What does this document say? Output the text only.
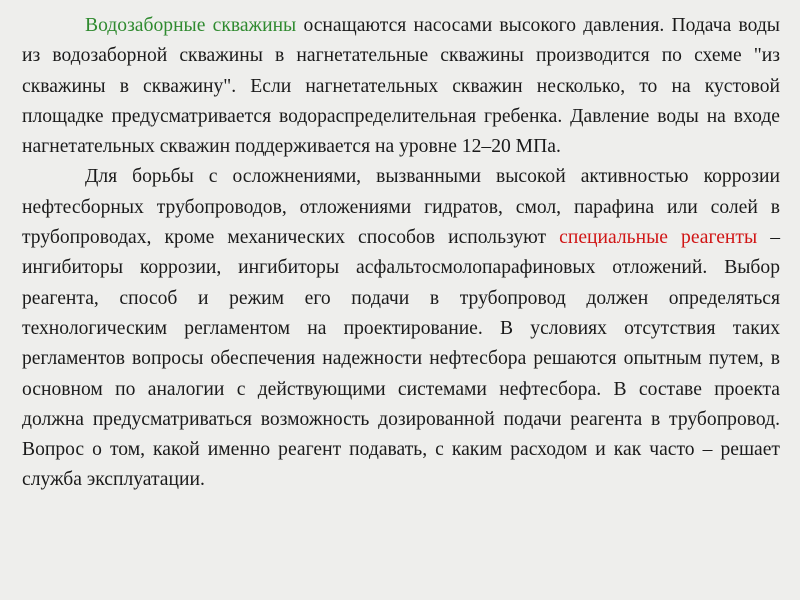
Водозаборные скважины оснащаются насосами высокого давления. Подача воды из водозаборной скважины в нагнетательные скважины производится по схеме "из скважины в скважину". Если нагнетательных скважин несколько, то на кустовой площадке предусматривается водораспределительная гребенка. Давление воды на входе нагнетательных скважин поддерживается на уровне 12–20 МПа.

Для борьбы с осложнениями, вызванными высокой активностью коррозии нефтесборных трубопроводов, отложениями гидратов, смол, парафина или солей в трубопроводах, кроме механических способов используют специальные реагенты – ингибиторы коррозии, ингибиторы асфальтосмолопарафиновых отложений. Выбор реагента, способ и режим его подачи в трубопровод должен определяться технологическим регламентом на проектирование. В условиях отсутствия таких регламентов вопросы обеспечения надежности нефтесбора решаются опытным путем, в основном по аналогии с действующими системами нефтесбора. В составе проекта должна предусматриваться возможность дозированной подачи реагента в трубопровод. Вопрос о том, какой именно реагент подавать, с каким расходом и как часто – решает служба эксплуатации.
